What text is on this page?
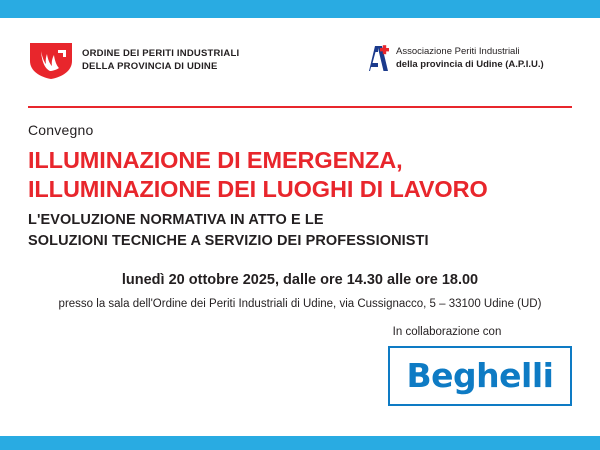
ORDINE DEI PERITI INDUSTRIALI
DELLA PROVINCIA DI UDINE
Associazione Periti Industriali
della provincia di Udine (A.P.I.U.)
Convegno
ILLUMINAZIONE DI EMERGENZA,
ILLUMINAZIONE DEI LUOGHI DI LAVORO
L'EVOLUZIONE NORMATIVA IN ATTO E LE
SOLUZIONI TECNICHE A SERVIZIO DEI PROFESSIONISTI
lunedì 20 ottobre 2025, dalle ore 14.30 alle ore 18.00
presso la sala dell'Ordine dei Periti Industriali di Udine, via Cussignacco, 5 – 33100 Udine (UD)
In collaborazione con
Beghelli
